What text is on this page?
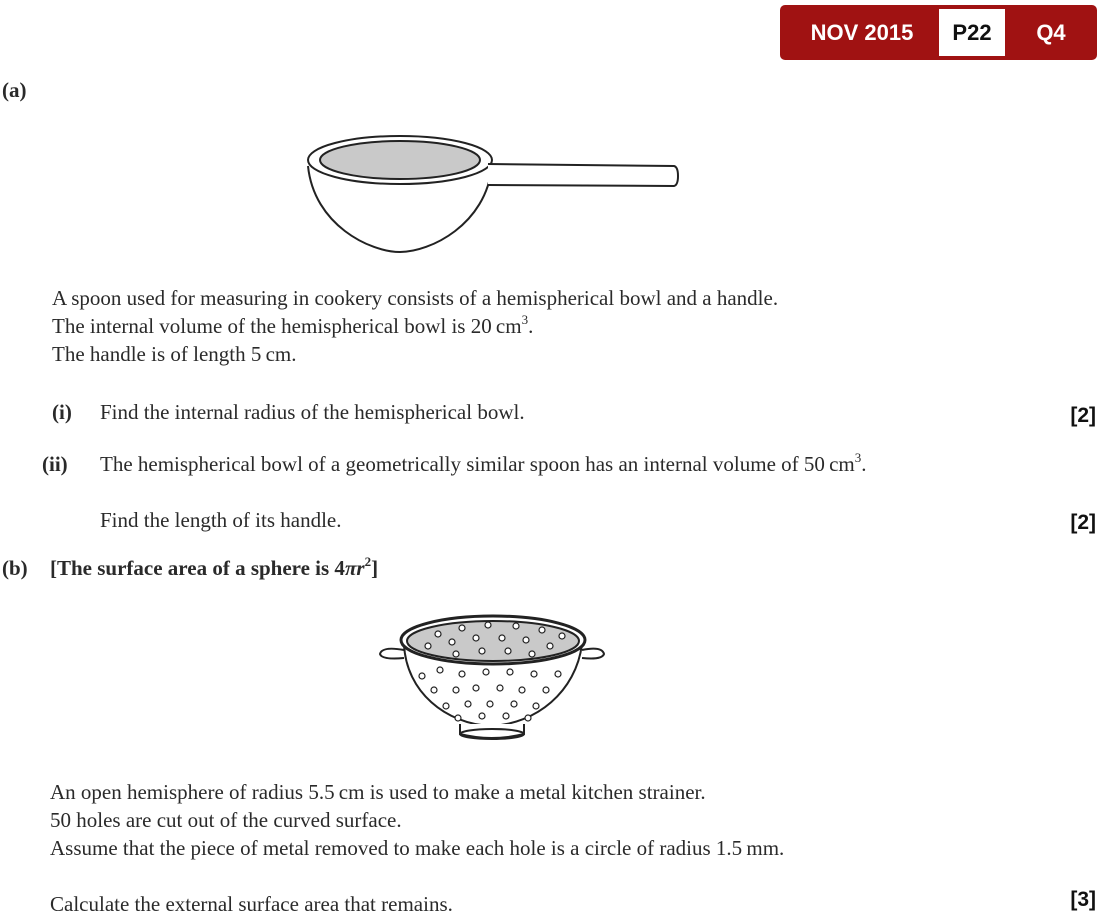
NOV 2015	P22	Q4
(a)
A spoon used for measuring in cookery consists of a hemispherical bowl and a handle.
The internal volume of the hemispherical bowl is 20 $cm^3$.
The handle is of length 5 cm.
(i) Find the internal radius of the hemispherical bowl.	[2]
(ii) The hemispherical bowl of a geometrically similar spoon has an internal volume of 50 $cm^3$.
Find the length of its handle.	[2]
(b) [The surface area of a sphere is $4\pi r^2$]
An open hemisphere of radius 5.5 cm is used to make a metal kitchen strainer.
50 holes are cut out of the curved surface.
Assume that the piece of metal removed to make each hole is a circle of radius 1.5 mm.
Calculate the external surface area that remains.	[3]
